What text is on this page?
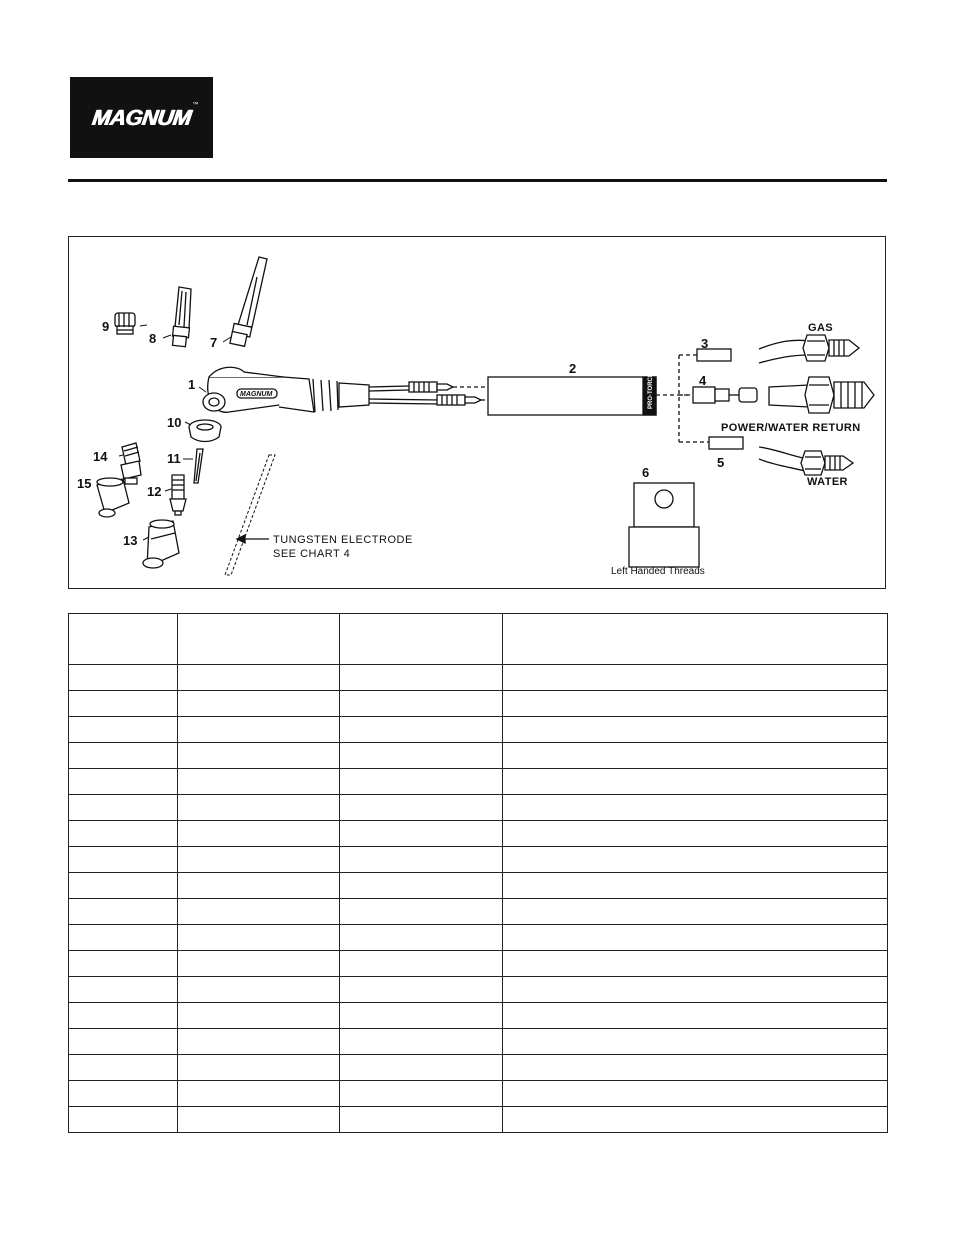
MAGNUM ™
MAGNUM	PRO-TORCH
9
8	7
1
2
3
4
5
6
10
11
12
13
14
15
GAS
POWER/WATER RETURN
WATER
TUNGSTEN ELECTRODE
SEE CHART 4
Left Handed Threads
